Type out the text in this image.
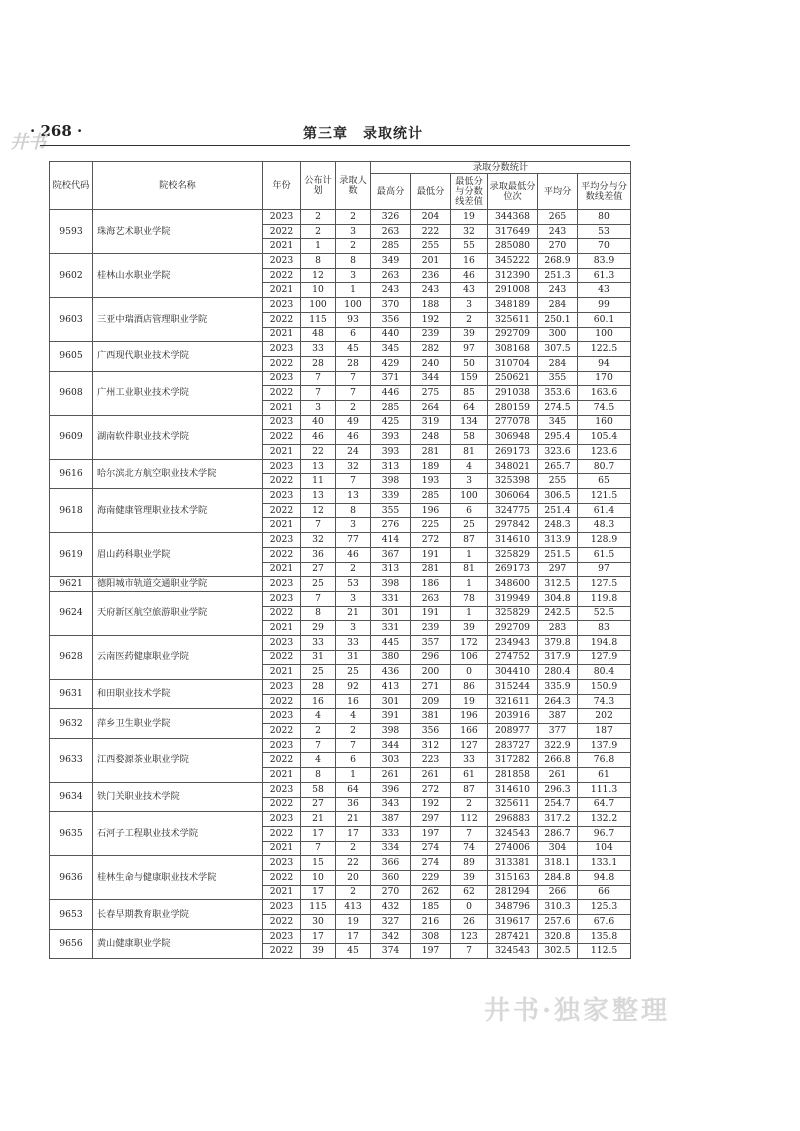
· 268 ·	第三章　录取统计
井书
院校代码	院校名称	年份	公布计划	录取人数	录取分数统计					
					最高分	最低分	最低分与分数线差值	录取最低分位次	平均分	平均分与分数线差值
9593	珠海艺术职业学院	2023	2	2	326	204	19	344368	265	80
		2022	2	3	263	222	32	317649	243	53
		2021	1	2	285	255	55	285080	270	70
9602	桂林山水职业学院	2023	8	8	349	201	16	345222	268.9	83.9
		2022	12	3	263	236	46	312390	251.3	61.3
		2021	10	1	243	243	43	291008	243	43
9603	三亚中瑞酒店管理职业学院	2023	100	100	370	188	3	348189	284	99
		2022	115	93	356	192	2	325611	250.1	60.1
		2021	48	6	440	239	39	292709	300	100
9605	广西现代职业技术学院	2023	33	45	345	282	97	308168	307.5	122.5
		2022	28	28	429	240	50	310704	284	94
9608	广州工业职业技术学院	2023	7	7	371	344	159	250621	355	170
		2022	7	7	446	275	85	291038	353.6	163.6
		2021	3	2	285	264	64	280159	274.5	74.5
9609	湖南软件职业技术学院	2023	40	49	425	319	134	277078	345	160
		2022	46	46	393	248	58	306948	295.4	105.4
		2021	22	24	393	281	81	269173	323.6	123.6
9616	哈尔滨北方航空职业技术学院	2023	13	32	313	189	4	348021	265.7	80.7
		2022	11	7	398	193	3	325398	255	65
9618	海南健康管理职业技术学院	2023	13	13	339	285	100	306064	306.5	121.5
		2022	12	8	355	196	6	324775	251.4	61.4
		2021	7	3	276	225	25	297842	248.3	48.3
9619	眉山药科职业学院	2023	32	77	414	272	87	314610	313.9	128.9
		2022	36	46	367	191	1	325829	251.5	61.5
		2021	27	2	313	281	81	269173	297	97
9621	德阳城市轨道交通职业学院	2023	25	53	398	186	1	348600	312.5	127.5
9624	天府新区航空旅游职业学院	2023	7	3	331	263	78	319949	304.8	119.8
		2022	8	21	301	191	1	325829	242.5	52.5
		2021	29	3	331	239	39	292709	283	83
9628	云南医药健康职业学院	2023	33	33	445	357	172	234943	379.8	194.8
		2022	31	31	380	296	106	274752	317.9	127.9
		2021	25	25	436	200	0	304410	280.4	80.4
9631	和田职业技术学院	2023	28	92	413	271	86	315244	335.9	150.9
		2022	16	16	301	209	19	321611	264.3	74.3
9632	萍乡卫生职业学院	2023	4	4	391	381	196	203916	387	202
		2022	2	2	398	356	166	208977	377	187
9633	江西婺源茶业职业学院	2023	7	7	344	312	127	283727	322.9	137.9
		2022	4	6	303	223	33	317282	266.8	76.8
		2021	8	1	261	261	61	281858	261	61
9634	铁门关职业技术学院	2023	58	64	396	272	87	314610	296.3	111.3
		2022	27	36	343	192	2	325611	254.7	64.7
9635	石河子工程职业技术学院	2023	21	21	387	297	112	296883	317.2	132.2
		2022	17	17	333	197	7	324543	286.7	96.7
		2021	7	2	334	274	74	274006	304	104
9636	桂林生命与健康职业技术学院	2023	15	22	366	274	89	313381	318.1	133.1
		2022	10	20	360	229	39	315163	284.8	94.8
		2021	17	2	270	262	62	281294	266	66
9653	长春早期教育职业学院	2023	115	413	432	185	0	348796	310.3	125.3
		2022	30	19	327	216	26	319617	257.6	67.6
9656	黄山健康职业学院	2023	17	17	342	308	123	287421	320.8	135.8
		2022	39	45	374	197	7	324543	302.5	112.5
井书·独家整理
